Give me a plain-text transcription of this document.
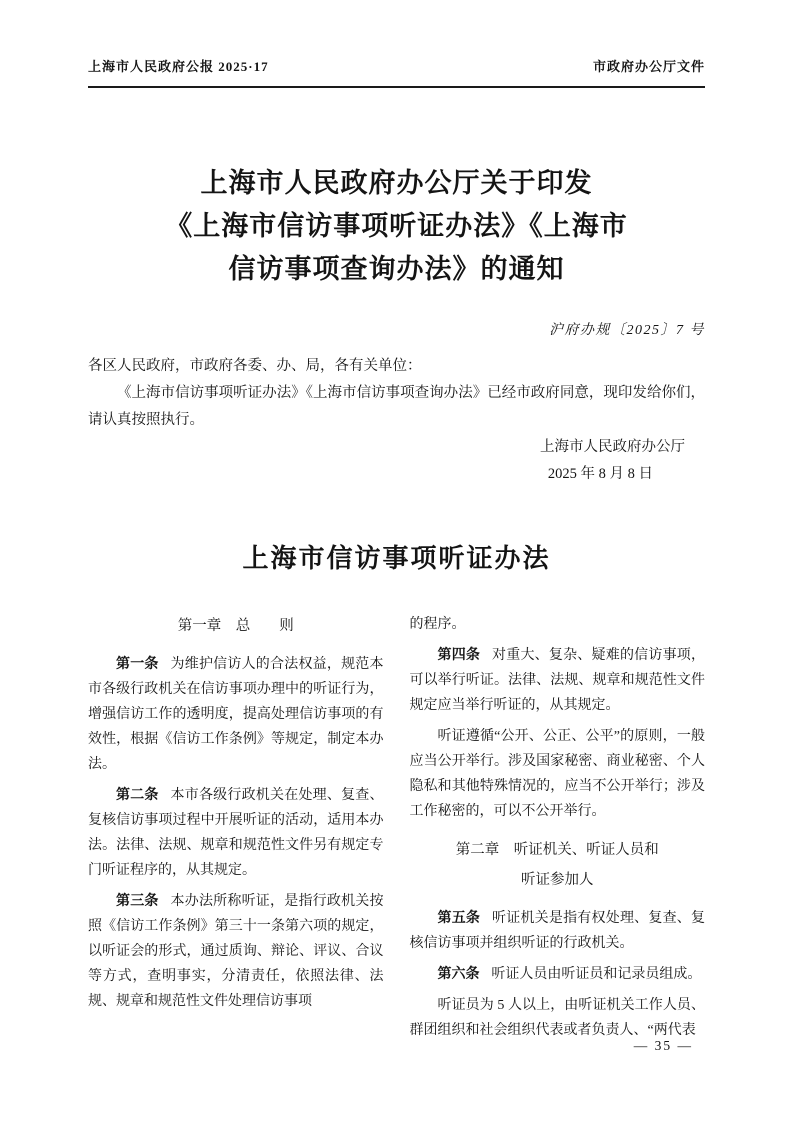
上海市人民政府公报 2025·17	市政府办公厅文件
上海市人民政府办公厅关于印发
《上海市信访事项听证办法》《上海市
信访事项查询办法》的通知

沪府办规〔2025〕7 号

各区人民政府，市政府各委、办、局，各有关单位：

《上海市信访事项听证办法》《上海市信访事项查询办法》已经市政府同意，现印发给你们，请认真按照执行。

上海市人民政府办公厅

2025 年 8 月 8 日

上海市信访事项听证办法

第一章　总　　则

第一条 为维护信访人的合法权益，规范本市各级行政机关在信访事项办理中的听证行为，增强信访工作的透明度，提高处理信访事项的有效性，根据《信访工作条例》等规定，制定本办法。

第二条 本市各级行政机关在处理、复查、复核信访事项过程中开展听证的活动，适用本办法。法律、法规、规章和规范性文件另有规定专门听证程序的，从其规定。

第三条 本办法所称听证，是指行政机关按照《信访工作条例》第三十一条第六项的规定，以听证会的形式，通过质询、辩论、评议、合议等方式，查明事实，分清责任，依照法律、法规、规章和规范性文件处理信访事项

的程序。

第四条 对重大、复杂、疑难的信访事项，可以举行听证。法律、法规、规章和规范性文件规定应当举行听证的，从其规定。

听证遵循“公开、公正、公平”的原则，一般应当公开举行。涉及国家秘密、商业秘密、个人隐私和其他特殊情况的，应当不公开举行；涉及工作秘密的，可以不公开举行。

第二章　听证机关、听证人员和
听证参加人

第五条 听证机关是指有权处理、复查、复核信访事项并组织听证的行政机关。

第六条 听证人员由听证员和记录员组成。

听证员为 5 人以上，由听证机关工作人员、群团组织和社会组织代表或者负责人、“两代表

— 35 —
